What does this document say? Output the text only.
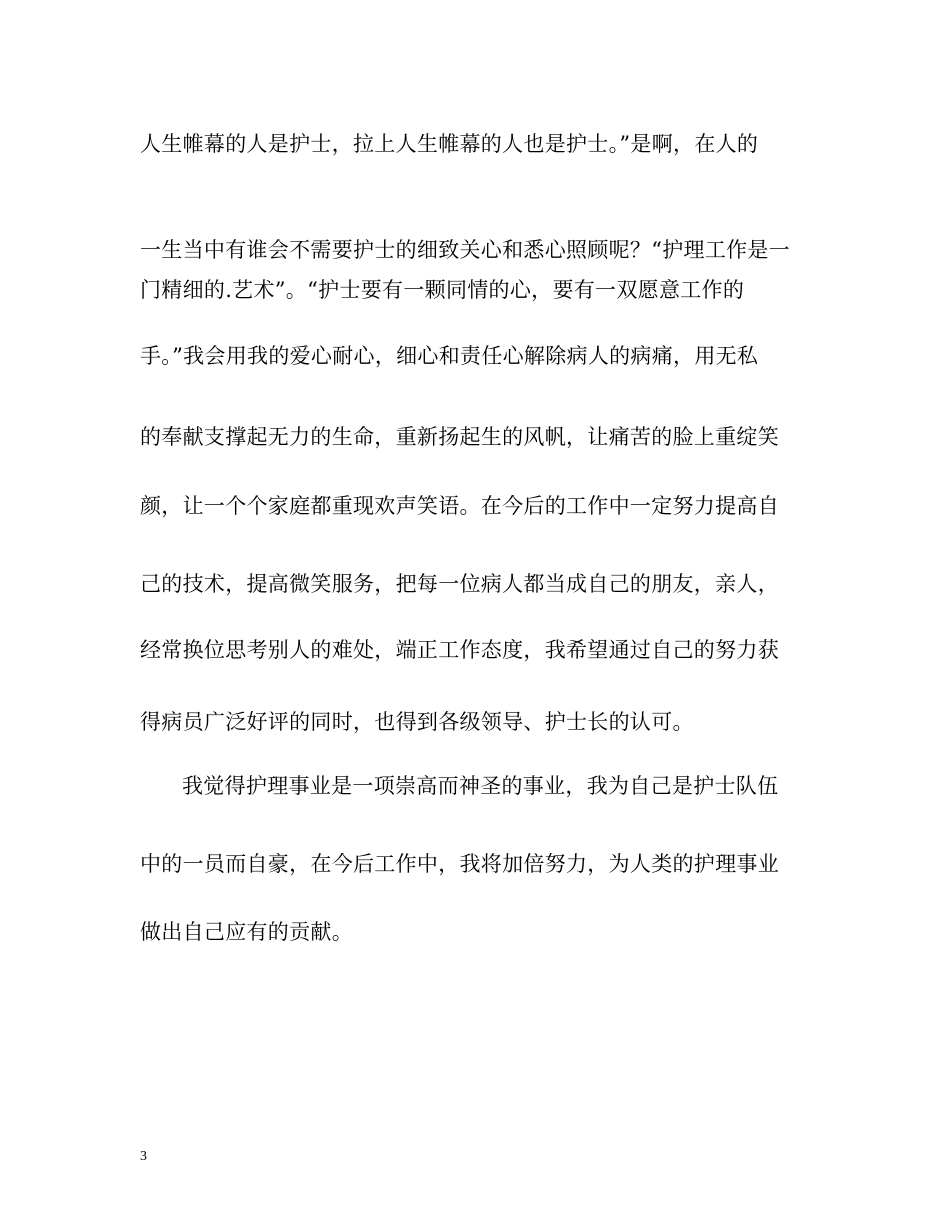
人生帷幕的人是护士，拉上人生帷幕的人也是护士。”是啊，在人的
一生当中有谁会不需要护士的细致关心和悉心照顾呢？“护理工作是一
门精细的.艺术”。“护士要有一颗同情的心，要有一双愿意工作的
手。”我会用我的爱心耐心，细心和责任心解除病人的病痛，用无私
的奉献支撑起无力的生命，重新扬起生的风帆，让痛苦的脸上重绽笑
颜，让一个个家庭都重现欢声笑语。在今后的工作中一定努力提高自
己的技术，提高微笑服务，把每一位病人都当成自己的朋友，亲人，
经常换位思考别人的难处，端正工作态度，我希望通过自己的努力获
得病员广泛好评的同时，也得到各级领导、护士长的认可。
我觉得护理事业是一项崇高而神圣的事业，我为自己是护士队伍
中的一员而自豪，在今后工作中，我将加倍努力，为人类的护理事业
做出自己应有的贡献。
3
